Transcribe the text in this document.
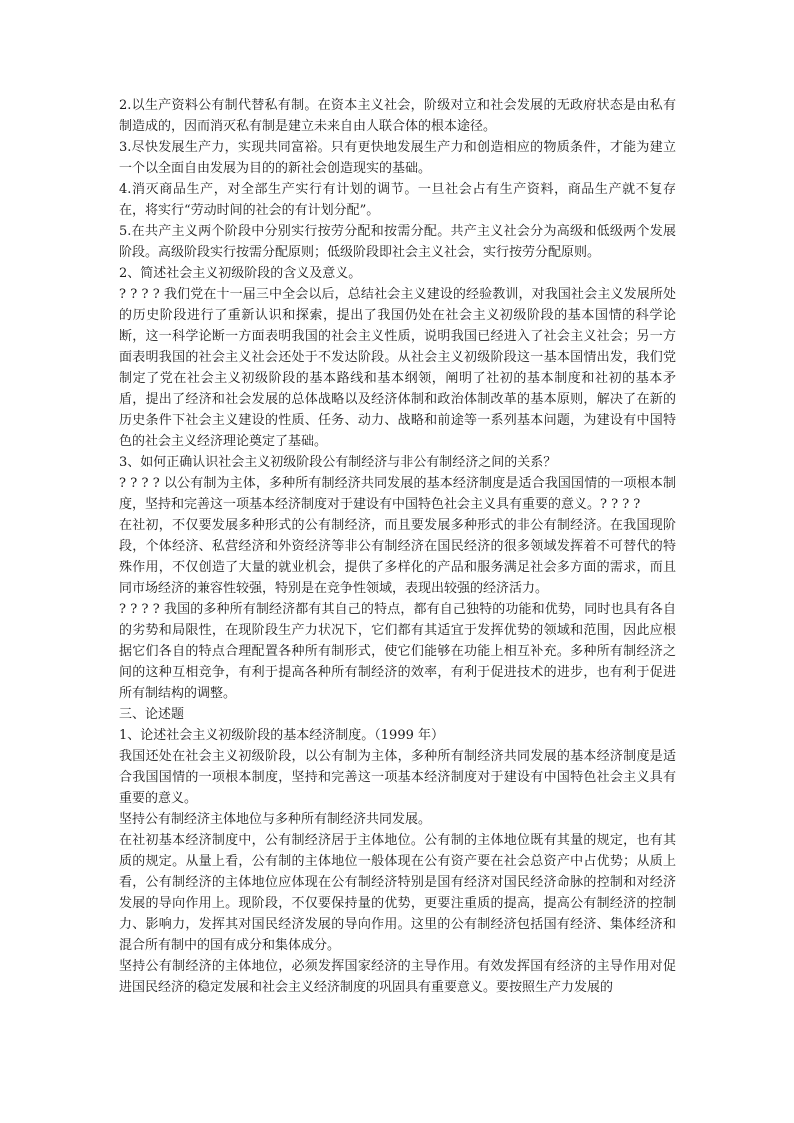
2.以生产资料公有制代替私有制。在资本主义社会，阶级对立和社会发展的无政府状态是由私有制造成的，因而消灭私有制是建立未来自由人联合体的根本途径。

3.尽快发展生产力，实现共同富裕。只有更快地发展生产力和创造相应的物质条件，才能为建立一个以全面自由发展为目的的新社会创造现实的基础。

4.消灭商品生产，对全部生产实行有计划的调节。一旦社会占有生产资料，商品生产就不复存在，将实行“劳动时间的社会的有计划分配”。

5.在共产主义两个阶段中分别实行按劳分配和按需分配。共产主义社会分为高级和低级两个发展阶段。高级阶段实行按需分配原则；低级阶段即社会主义社会，实行按劳分配原则。

2、简述社会主义初级阶段的含义及意义。

? ? ? ? 我们党在十一届三中全会以后，总结社会主义建设的经验教训，对我国社会主义发展所处的历史阶段进行了重新认识和探索，提出了我国仍处在社会主义初级阶段的基本国情的科学论断，这一科学论断一方面表明我国的社会主义性质，说明我国已经进入了社会主义社会；另一方面表明我国的社会主义社会还处于不发达阶段。从社会主义初级阶段这一基本国情出发，我们党制定了党在社会主义初级阶段的基本路线和基本纲领，阐明了社初的基本制度和社初的基本矛盾，提出了经济和社会发展的总体战略以及经济体制和政治体制改革的基本原则，解决了在新的历史条件下社会主义建设的性质、任务、动力、战略和前途等一系列基本问题，为建设有中国特色的社会主义经济理论奠定了基础。

3、如何正确认识社会主义初级阶段公有制经济与非公有制经济之间的关系？

? ? ? ? 以公有制为主体，多种所有制经济共同发展的基本经济制度是适合我国国情的一项根本制度，坚持和完善这一项基本经济制度对于建设有中国特色社会主义具有重要的意义。? ? ? ?

在社初，不仅要发展多种形式的公有制经济，而且要发展多种形式的非公有制经济。在我国现阶段，个体经济、私营经济和外资经济等非公有制经济在国民经济的很多领域发挥着不可替代的特殊作用，不仅创造了大量的就业机会，提供了多样化的产品和服务满足社会多方面的需求，而且同市场经济的兼容性较强，特别是在竞争性领域，表现出较强的经济活力。

? ? ? ? 我国的多种所有制经济都有其自己的特点，都有自己独特的功能和优势，同时也具有各自的劣势和局限性，在现阶段生产力状况下，它们都有其适宜于发挥优势的领域和范围，因此应根据它们各自的特点合理配置各种所有制形式，使它们能够在功能上相互补充。多种所有制经济之间的这种互相竞争，有利于提高各种所有制经济的效率，有利于促进技术的进步，也有利于促进所有制结构的调整。

三、论述题

1、论述社会主义初级阶段的基本经济制度。（1999 年）

我国还处在社会主义初级阶段，以公有制为主体，多种所有制经济共同发展的基本经济制度是适合我国国情的一项根本制度，坚持和完善这一项基本经济制度对于建设有中国特色社会主义具有重要的意义。

坚持公有制经济主体地位与多种所有制经济共同发展。

在社初基本经济制度中，公有制经济居于主体地位。公有制的主体地位既有其量的规定，也有其质的规定。从量上看，公有制的主体地位一般体现在公有资产要在社会总资产中占优势；从质上看，公有制经济的主体地位应体现在公有制经济特别是国有经济对国民经济命脉的控制和对经济发展的导向作用上。现阶段，不仅要保持量的优势，更要注重质的提高，提高公有制经济的控制力、影响力，发挥其对国民经济发展的导向作用。这里的公有制经济包括国有经济、集体经济和混合所有制中的国有成分和集体成分。

坚持公有制经济的主体地位，必须发挥国家经济的主导作用。有效发挥国有经济的主导作用对促进国民经济的稳定发展和社会主义经济制度的巩固具有重要意义。要按照生产力发展的
